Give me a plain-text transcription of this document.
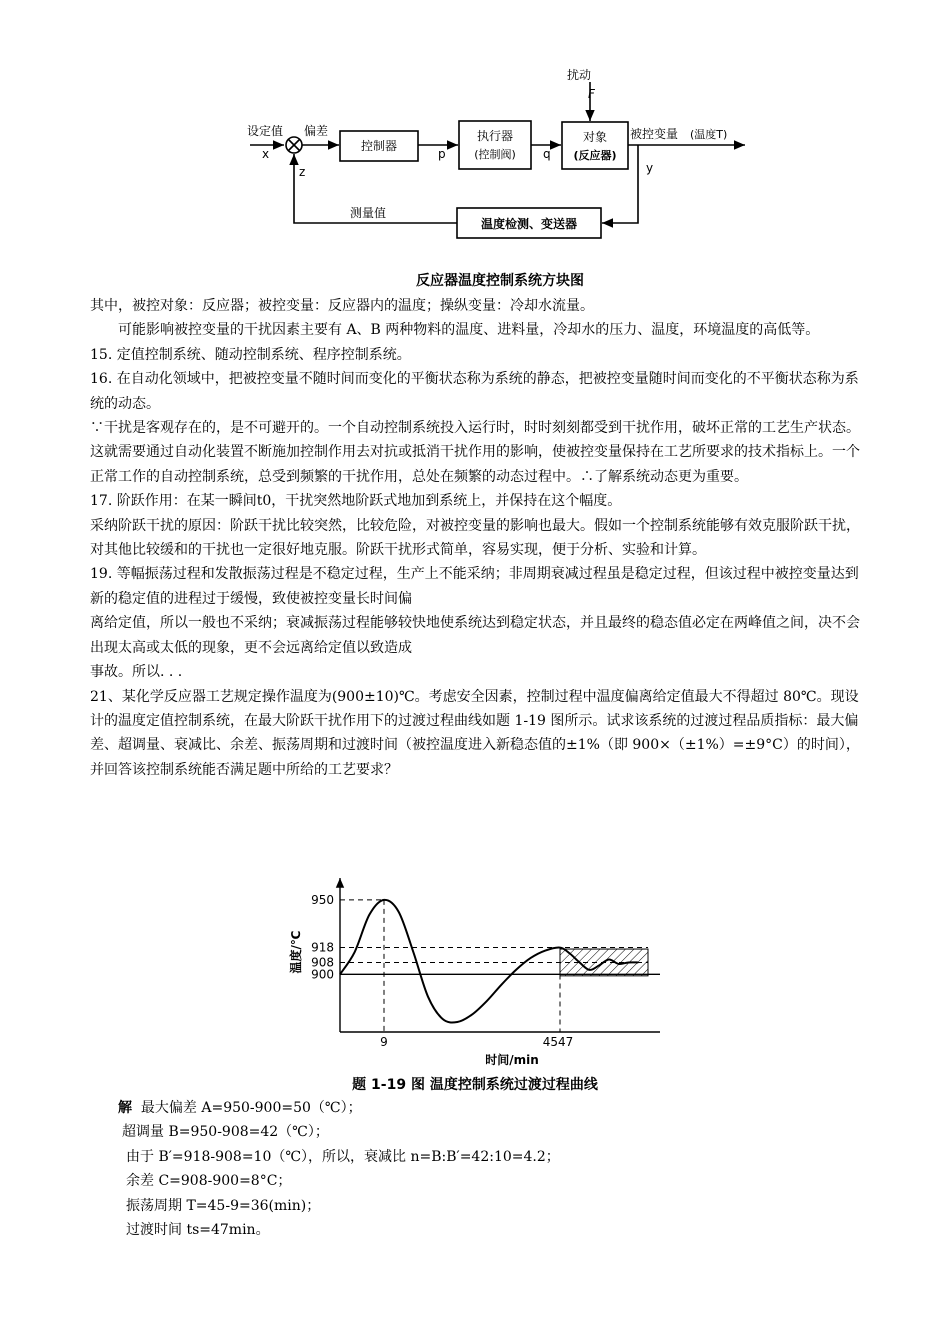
扰动
F
设定值
x
偏差
z
控制器
p
执行器
(控制阀) q
对象
(反应器)
被控变量 (温度T)
y
测量值
温度检测、变送器
反应器温度控制系统方块图

其中，被控对象：反应器；被控变量：反应器内的温度；操纵变量：冷却水流量。

可能影响被控变量的干扰因素主要有 A、B 两种物料的温度、进料量，冷却水的压力、温度，环境温度的高低等。

15. 定值控制系统、随动控制系统、程序控制系统。

16. 在自动化领域中，把被控变量不随时间而变化的平衡状态称为系统的静态，把被控变量随时间而变化的不平衡状态称为系统的动态。

∵干扰是客观存在的，是不可避开的。一个自动控制系统投入运行时，时时刻刻都受到干扰作用，破坏正常的工艺生产状态。这就需要通过自动化装置不断施加控制作用去对抗或抵消干扰作用的影响，使被控变量保持在工艺所要求的技术指标上。一个正常工作的自动控制系统，总受到频繁的干扰作用，总处在频繁的动态过程中。∴了解系统动态更为重要。

17. 阶跃作用：在某一瞬间t0，干扰突然地阶跃式地加到系统上，并保持在这个幅度。

采纳阶跃干扰的原因：阶跃干扰比较突然，比较危险，对被控变量的影响也最大。假如一个控制系统能够有效克服阶跃干扰，对其他比较缓和的干扰也一定很好地克服。阶跃干扰形式简单，容易实现，便于分析、实验和计算。

19. 等幅振荡过程和发散振荡过程是不稳定过程，生产上不能采纳；非周期衰减过程虽是稳定过程，但该过程中被控变量达到新的稳定值的进程过于缓慢，致使被控变量长时间偏

离给定值，所以一般也不采纳；衰减振荡过程能够较快地使系统达到稳定状态，并且最终的稳态值必定在两峰值之间，决不会出现太高或太低的现象，更不会远离给定值以致造成

事故。所以. . .

21、某化学反应器工艺规定操作温度为(900±10)℃。考虑安全因素，控制过程中温度偏离给定值最大不得超过 80℃。现设计的温度定值控制系统，在最大阶跃干扰作用下的过渡过程曲线如题 1-19 图所示。试求该系统的过渡过程品质指标：最大偏差、超调量、衰减比、余差、振荡周期和过渡时间（被控温度进入新稳态值的±1%（即 900×（±1%）=±9°C）的时间），并回答该控制系统能否满足题中所给的工艺要求？

950
918
908
900
9	45 47
时间/min
温度/℃
题 1-19 图 温度控制系统过渡过程曲线

解 最大偏差 A=950-900=50（℃）；

超调量 B=950-908=42（℃）；

由于 B′=918-908=10（℃），所以，衰减比 n=B:B′=42:10=4.2；

余差 C=908-900=8°C；

振荡周期 T=45-9=36(min)；

过渡时间 ts=47min。
